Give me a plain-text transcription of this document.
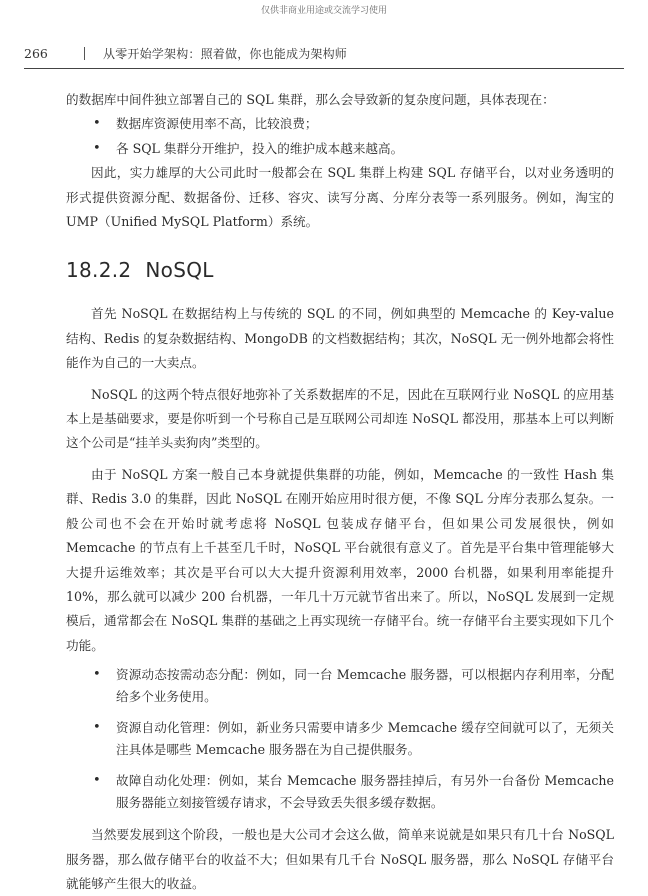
仅供非商业用途或交流学习使用
266	从零开始学架构：照着做，你也能成为架构师

的数据库中间件独立部署自己的 SQL 集群，那么会导致新的复杂度问题，具体表现在：

• 数据库资源使用率不高，比较浪费；
• 各 SQL 集群分开维护，投入的维护成本越来越高。

因此，实力雄厚的大公司此时一般都会在 SQL 集群上构建 SQL 存储平台，以对业务透明的形式提供资源分配、数据备份、迁移、容灾、读写分离、分库分表等一系列服务。例如，淘宝的 UMP（Unified MySQL Platform）系统。

18.2.2 NoSQL

首先 NoSQL 在数据结构上与传统的 SQL 的不同，例如典型的 Memcache 的 Key-value 结构、Redis 的复杂数据结构、MongoDB 的文档数据结构；其次，NoSQL 无一例外地都会将性能作为自己的一大卖点。

NoSQL 的这两个特点很好地弥补了关系数据库的不足，因此在互联网行业 NoSQL 的应用基本上是基础要求，要是你听到一个号称自己是互联网公司却连 NoSQL 都没用，那基本上可以判断这个公司是“挂羊头卖狗肉”类型的。

由于 NoSQL 方案一般自己本身就提供集群的功能，例如，Memcache 的一致性 Hash 集群、Redis 3.0 的集群，因此 NoSQL 在刚开始应用时很方便，不像 SQL 分库分表那么复杂。一般公司也不会在开始时就考虑将 NoSQL 包装成存储平台，但如果公司发展很快，例如 Memcache 的节点有上千甚至几千时，NoSQL 平台就很有意义了。首先是平台集中管理能够大大提升运维效率；其次是平台可以大大提升资源利用效率，2000 台机器，如果利用率能提升 10%，那么就可以减少 200 台机器，一年几十万元就节省出来了。所以，NoSQL 发展到一定规模后，通常都会在 NoSQL 集群的基础之上再实现统一存储平台。统一存储平台主要实现如下几个功能。

• 资源动态按需动态分配：例如，同一台 Memcache 服务器，可以根据内存利用率，分配给多个业务使用。
• 资源自动化管理：例如，新业务只需要申请多少 Memcache 缓存空间就可以了，无须关注具体是哪些 Memcache 服务器在为自己提供服务。
• 故障自动化处理：例如，某台 Memcache 服务器挂掉后，有另外一台备份 Memcache 服务器能立刻接管缓存请求，不会导致丢失很多缓存数据。

当然要发展到这个阶段，一般也是大公司才会这么做，简单来说就是如果只有几十台 NoSQL 服务器，那么做存储平台的收益不大；但如果有几千台 NoSQL 服务器，那么 NoSQL 存储平台就能够产生很大的收益。
